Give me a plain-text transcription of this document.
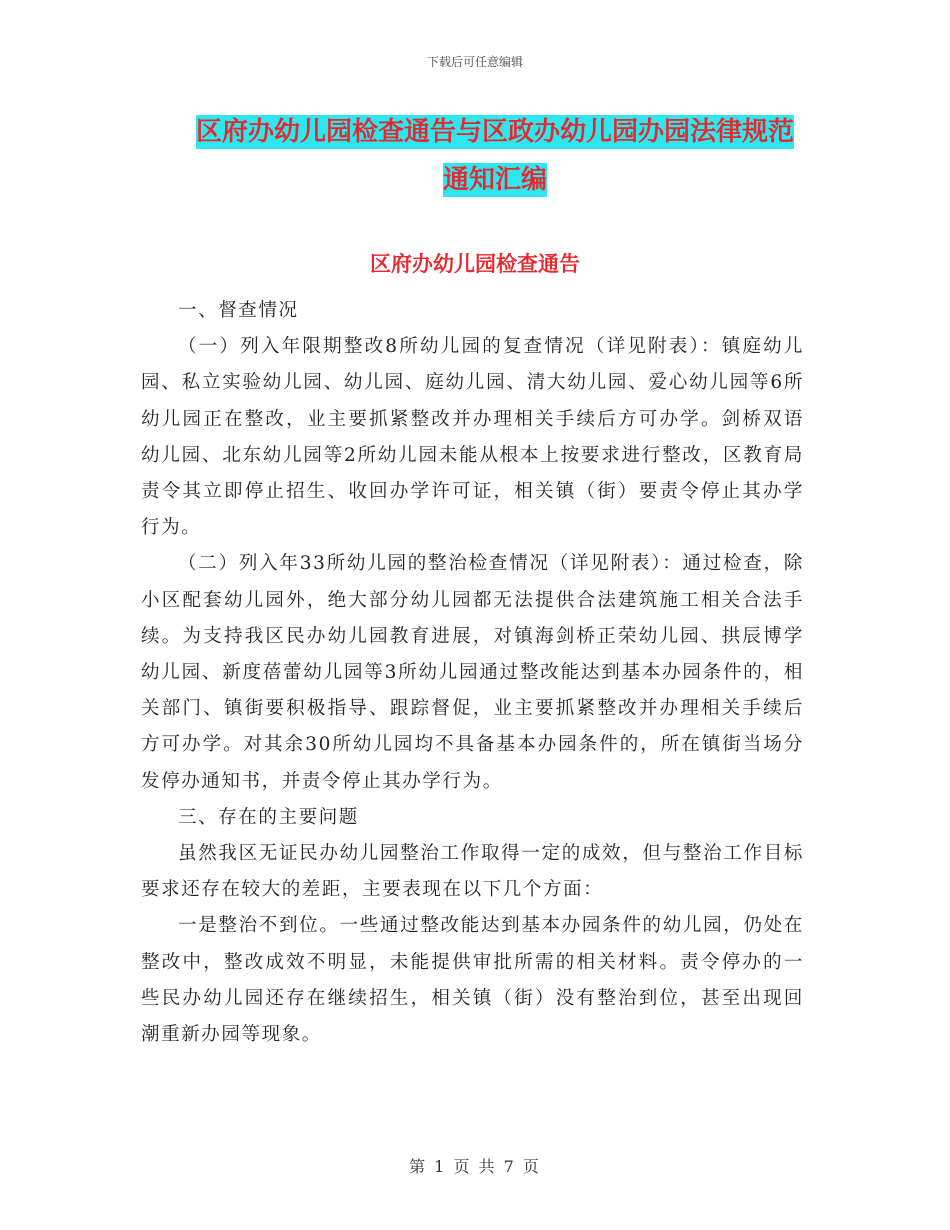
下载后可任意编辑
区府办幼儿园检查通告与区政办幼儿园办园法律规范
通知汇编
区府办幼儿园检查通告

一、督查情况

（一）列入年限期整改8所幼儿园的复查情况（详见附表）：镇庭幼儿园、私立实验幼儿园、幼儿园、庭幼儿园、清大幼儿园、爱心幼儿园等6所幼儿园正在整改，业主要抓紧整改并办理相关手续后方可办学。剑桥双语幼儿园、北东幼儿园等2所幼儿园未能从根本上按要求进行整改，区教育局责令其立即停止招生、收回办学许可证，相关镇（街）要责令停止其办学行为。

（二）列入年33所幼儿园的整治检查情况（详见附表）：通过检查，除小区配套幼儿园外，绝大部分幼儿园都无法提供合法建筑施工相关合法手续。为支持我区民办幼儿园教育进展，对镇海剑桥正荣幼儿园、拱辰博学幼儿园、新度蓓蕾幼儿园等3所幼儿园通过整改能达到基本办园条件的，相关部门、镇街要积极指导、跟踪督促，业主要抓紧整改并办理相关手续后方可办学。对其余30所幼儿园均不具备基本办园条件的，所在镇街当场分发停办通知书，并责令停止其办学行为。

三、存在的主要问题

虽然我区无证民办幼儿园整治工作取得一定的成效，但与整治工作目标要求还存在较大的差距，主要表现在以下几个方面：

一是整治不到位。一些通过整改能达到基本办园条件的幼儿园，仍处在整改中，整改成效不明显，未能提供审批所需的相关材料。责令停办的一些民办幼儿园还存在继续招生，相关镇（街）没有整治到位，甚至出现回潮重新办园等现象。

第 1 页 共 7 页
